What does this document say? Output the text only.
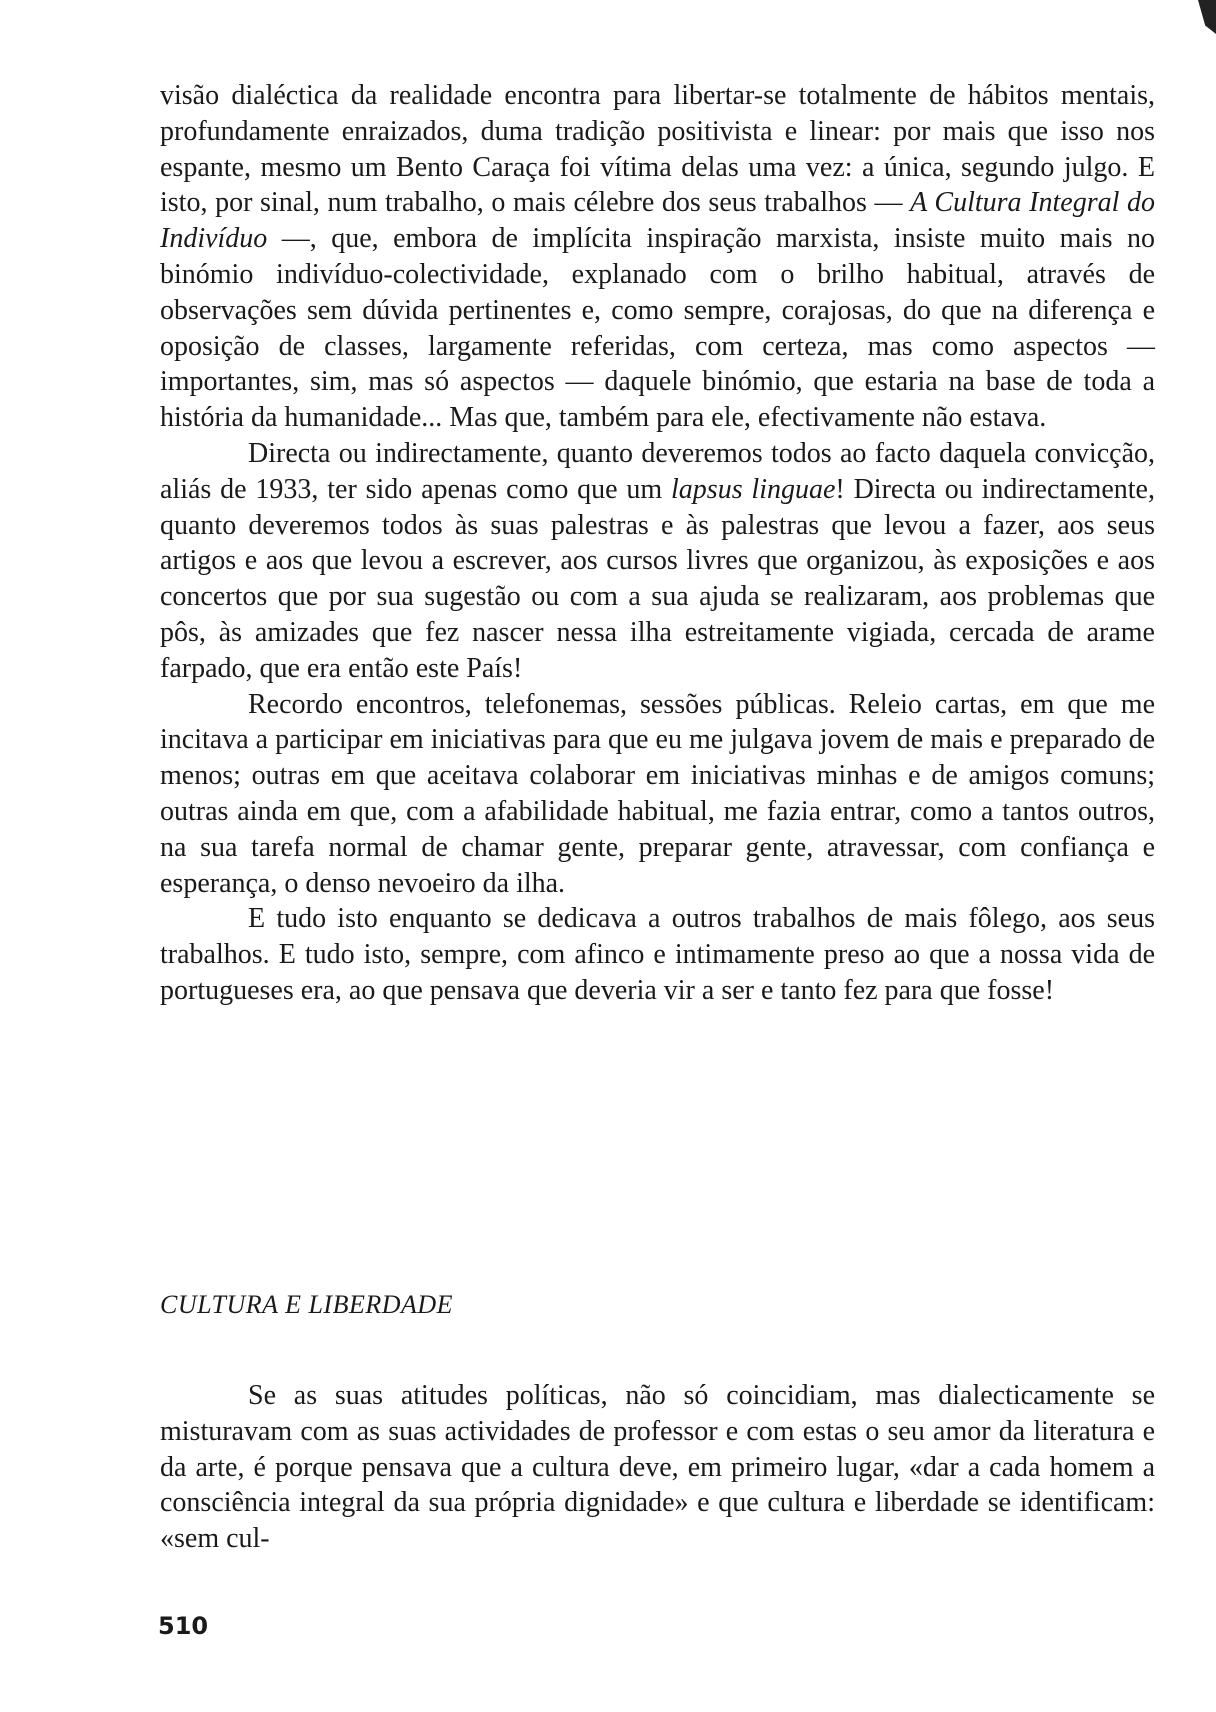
visão dialéctica da realidade encontra para libertar-se totalmente de hábitos mentais, profundamente enraizados, duma tradição positivista e linear: por mais que isso nos espante, mesmo um Bento Caraça foi vítima delas uma vez: a única, segundo julgo. E isto, por sinal, num trabalho, o mais célebre dos seus trabalhos — A Cultura Integral do Indivíduo —, que, embora de implícita inspiração marxista, insiste muito mais no binómio indivíduo-colectividade, explanado com o brilho habitual, através de observações sem dúvida pertinentes e, como sempre, corajosas, do que na diferença e oposição de classes, largamente referidas, com certeza, mas como aspectos — importantes, sim, mas só aspectos — daquele binómio, que estaria na base de toda a história da humanidade... Mas que, também para ele, efectivamente não estava.

Directa ou indirectamente, quanto deveremos todos ao facto daquela convicção, aliás de 1933, ter sido apenas como que um lapsus linguae! Directa ou indirectamente, quanto deveremos todos às suas palestras e às palestras que levou a fazer, aos seus artigos e aos que levou a escrever, aos cursos livres que organizou, às exposições e aos concertos que por sua sugestão ou com a sua ajuda se realizaram, aos problemas que pôs, às amizades que fez nascer nessa ilha estreitamente vigiada, cercada de arame farpado, que era então este País!

Recordo encontros, telefonemas, sessões públicas. Releio cartas, em que me incitava a participar em iniciativas para que eu me julgava jovem de mais e preparado de menos; outras em que aceitava colaborar em iniciativas minhas e de amigos comuns; outras ainda em que, com a afabilidade habitual, me fazia entrar, como a tantos outros, na sua tarefa normal de chamar gente, preparar gente, atravessar, com confiança e esperança, o denso nevoeiro da ilha.

E tudo isto enquanto se dedicava a outros trabalhos de mais fôlego, aos seus trabalhos. E tudo isto, sempre, com afinco e intimamente preso ao que a nossa vida de portugueses era, ao que pensava que deveria vir a ser e tanto fez para que fosse!

CULTURA E LIBERDADE

Se as suas atitudes políticas, não só coincidiam, mas dialecticamente se misturavam com as suas actividades de professor e com estas o seu amor da literatura e da arte, é porque pensava que a cultura deve, em primeiro lugar, «dar a cada homem a consciência integral da sua própria dignidade» e que cultura e liberdade se identificam: «sem cul-

510
